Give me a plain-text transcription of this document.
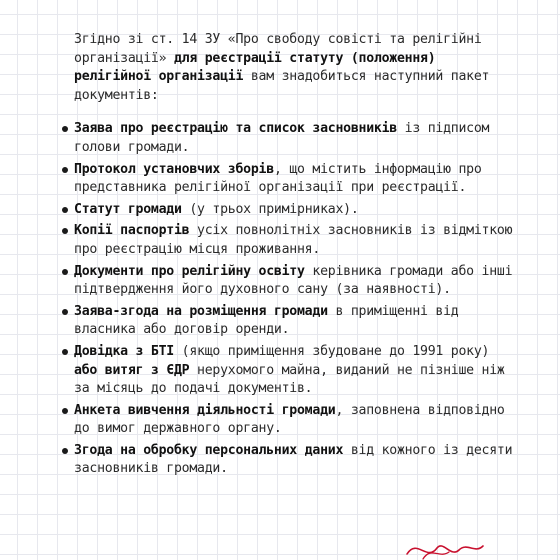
Згідно зі ст. 14 ЗУ «Про свободу совісті та релігійні організації» для реєстрації статуту (положення) релігійної організації вам знадобиться наступний пакет документів:

Заява про реєстрацію та список засновників із підписом голови громади.
Протокол установчих зборів, що містить інформацію про представника релігійної організації при реєстрації.
Статут громади (у трьох примірниках).
Копії паспортів усіх повнолітніх засновників із відміткою про реєстрацію місця проживання.
Документи про релігійну освіту керівника громади або інші підтвердження його духовного сану (за наявності).
Заява-згода на розміщення громади в приміщенні від власника або договір оренди.
Довідка з БТІ (якщо приміщення збудоване до 1991 року) або витяг з ЄДР нерухомого майна, виданий не пізніше ніж за місяць до подачі документів.
Анкета вивчення діяльності громади, заповнена відповідно до вимог державного органу.
Згода на обробку персональних даних від кожного із десяти засновників громади.
